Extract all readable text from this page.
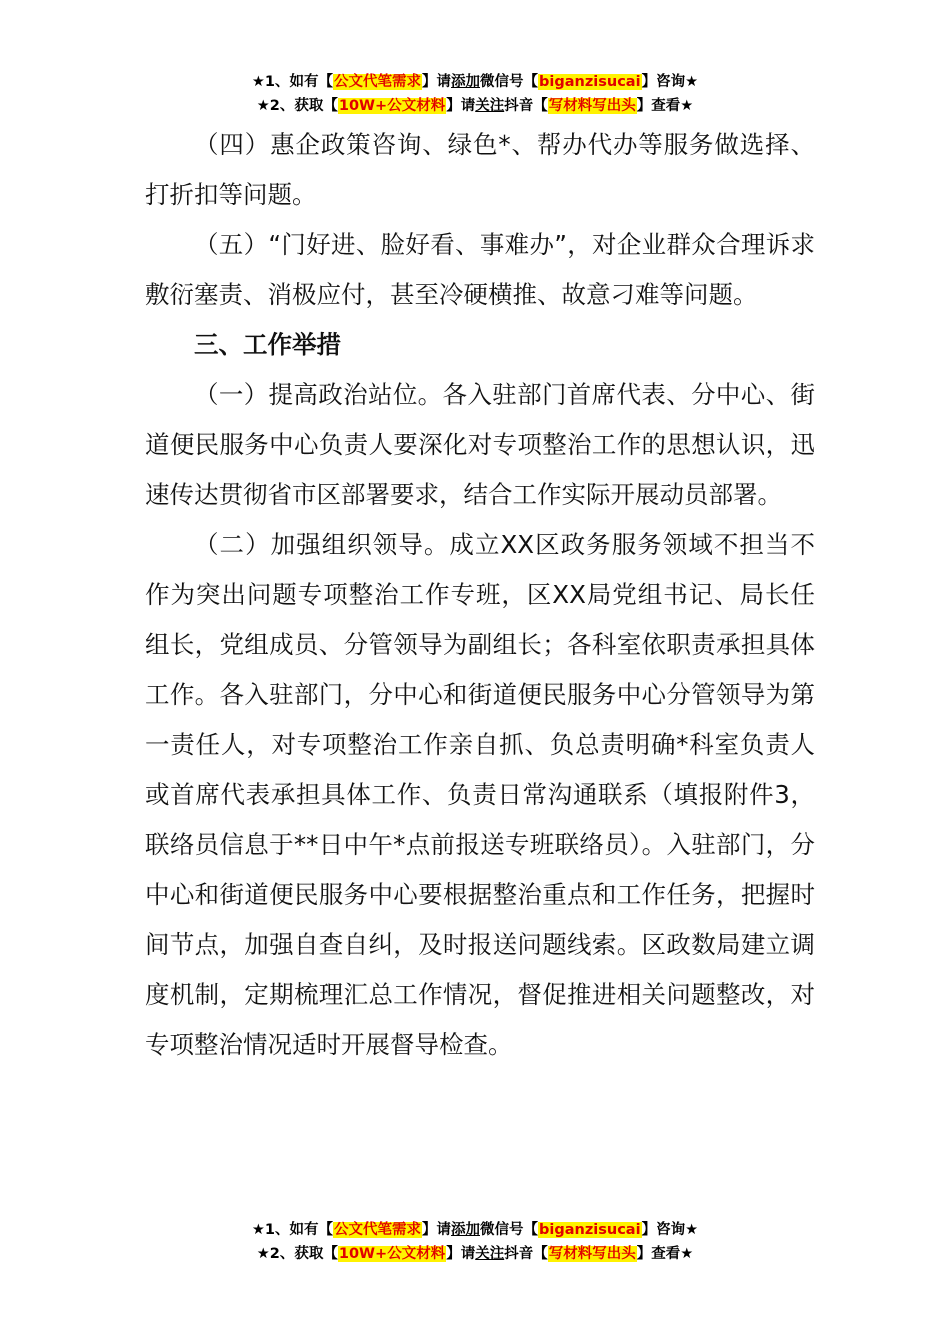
★1、如有【公文代笔需求】请添加微信号【biganzisucai】咨询★
★2、获取【10W+公文材料】请关注抖音【写材料写出头】查看★

（四）惠企政策咨询、绿色*、帮办代办等服务做选择、打折扣等问题。

（五）“门好进、脸好看、事难办”，对企业群众合理诉求敷衍塞责、消极应付，甚至冷硬横推、故意刁难等问题。

三、工作举措

（一）提高政治站位。各入驻部门首席代表、分中心、街道便民服务中心负责人要深化对专项整治工作的思想认识，迅速传达贯彻省市区部署要求，结合工作实际开展动员部署。

（二）加强组织领导。成立XX区政务服务领域不担当不作为突出问题专项整治工作专班，区XX局党组书记、局长任组长，党组成员、分管领导为副组长；各科室依职责承担具体工作。各入驻部门，分中心和街道便民服务中心分管领导为第一责任人，对专项整治工作亲自抓、负总责明确*科室负责人或首席代表承担具体工作、负责日常沟通联系（填报附件3，联络员信息于**日中午*点前报送专班联络员）。入驻部门，分中心和街道便民服务中心要根据整治重点和工作任务，把握时间节点，加强自查自纠，及时报送问题线索。区政数局建立调度机制，定期梳理汇总工作情况，督促推进相关问题整改，对专项整治情况适时开展督导检查。

★1、如有【公文代笔需求】请添加微信号【biganzisucai】咨询★
★2、获取【10W+公文材料】请关注抖音【写材料写出头】查看★
